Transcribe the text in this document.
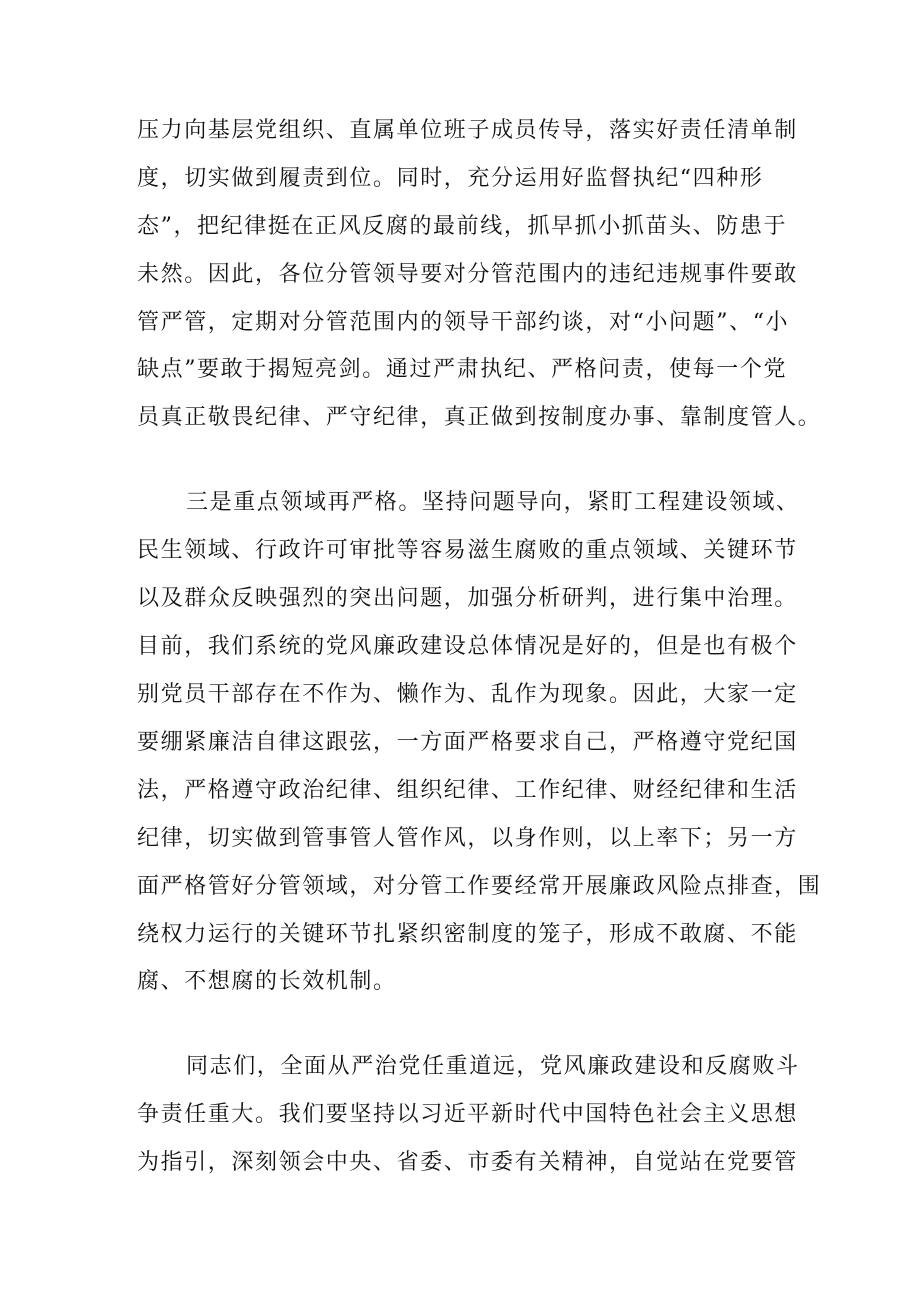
压力向基层党组织、直属单位班子成员传导，落实好责任清单制
度，切实做到履责到位。同时，充分运用好监督执纪“四种形
态”，把纪律挺在正风反腐的最前线，抓早抓小抓苗头、防患于
未然。因此，各位分管领导要对分管范围内的违纪违规事件要敢
管严管，定期对分管范围内的领导干部约谈，对“小问题”、“小
缺点”要敢于揭短亮剑。通过严肃执纪、严格问责，使每一个党
员真正敬畏纪律、严守纪律，真正做到按制度办事、靠制度管人。
三是重点领域再严格。坚持问题导向，紧盯工程建设领域、
民生领域、行政许可审批等容易滋生腐败的重点领域、关键环节
以及群众反映强烈的突出问题，加强分析研判，进行集中治理。
目前，我们系统的党风廉政建设总体情况是好的，但是也有极个
别党员干部存在不作为、懒作为、乱作为现象。因此，大家一定
要绷紧廉洁自律这跟弦，一方面严格要求自己，严格遵守党纪国
法，严格遵守政治纪律、组织纪律、工作纪律、财经纪律和生活
纪律，切实做到管事管人管作风，以身作则，以上率下；另一方
面严格管好分管领域，对分管工作要经常开展廉政风险点排查，围
绕权力运行的关键环节扎紧织密制度的笼子，形成不敢腐、不能
腐、不想腐的长效机制。
同志们，全面从严治党任重道远，党风廉政建设和反腐败斗
争责任重大。我们要坚持以习近平新时代中国特色社会主义思想
为指引，深刻领会中央、省委、市委有关精神，自觉站在党要管
